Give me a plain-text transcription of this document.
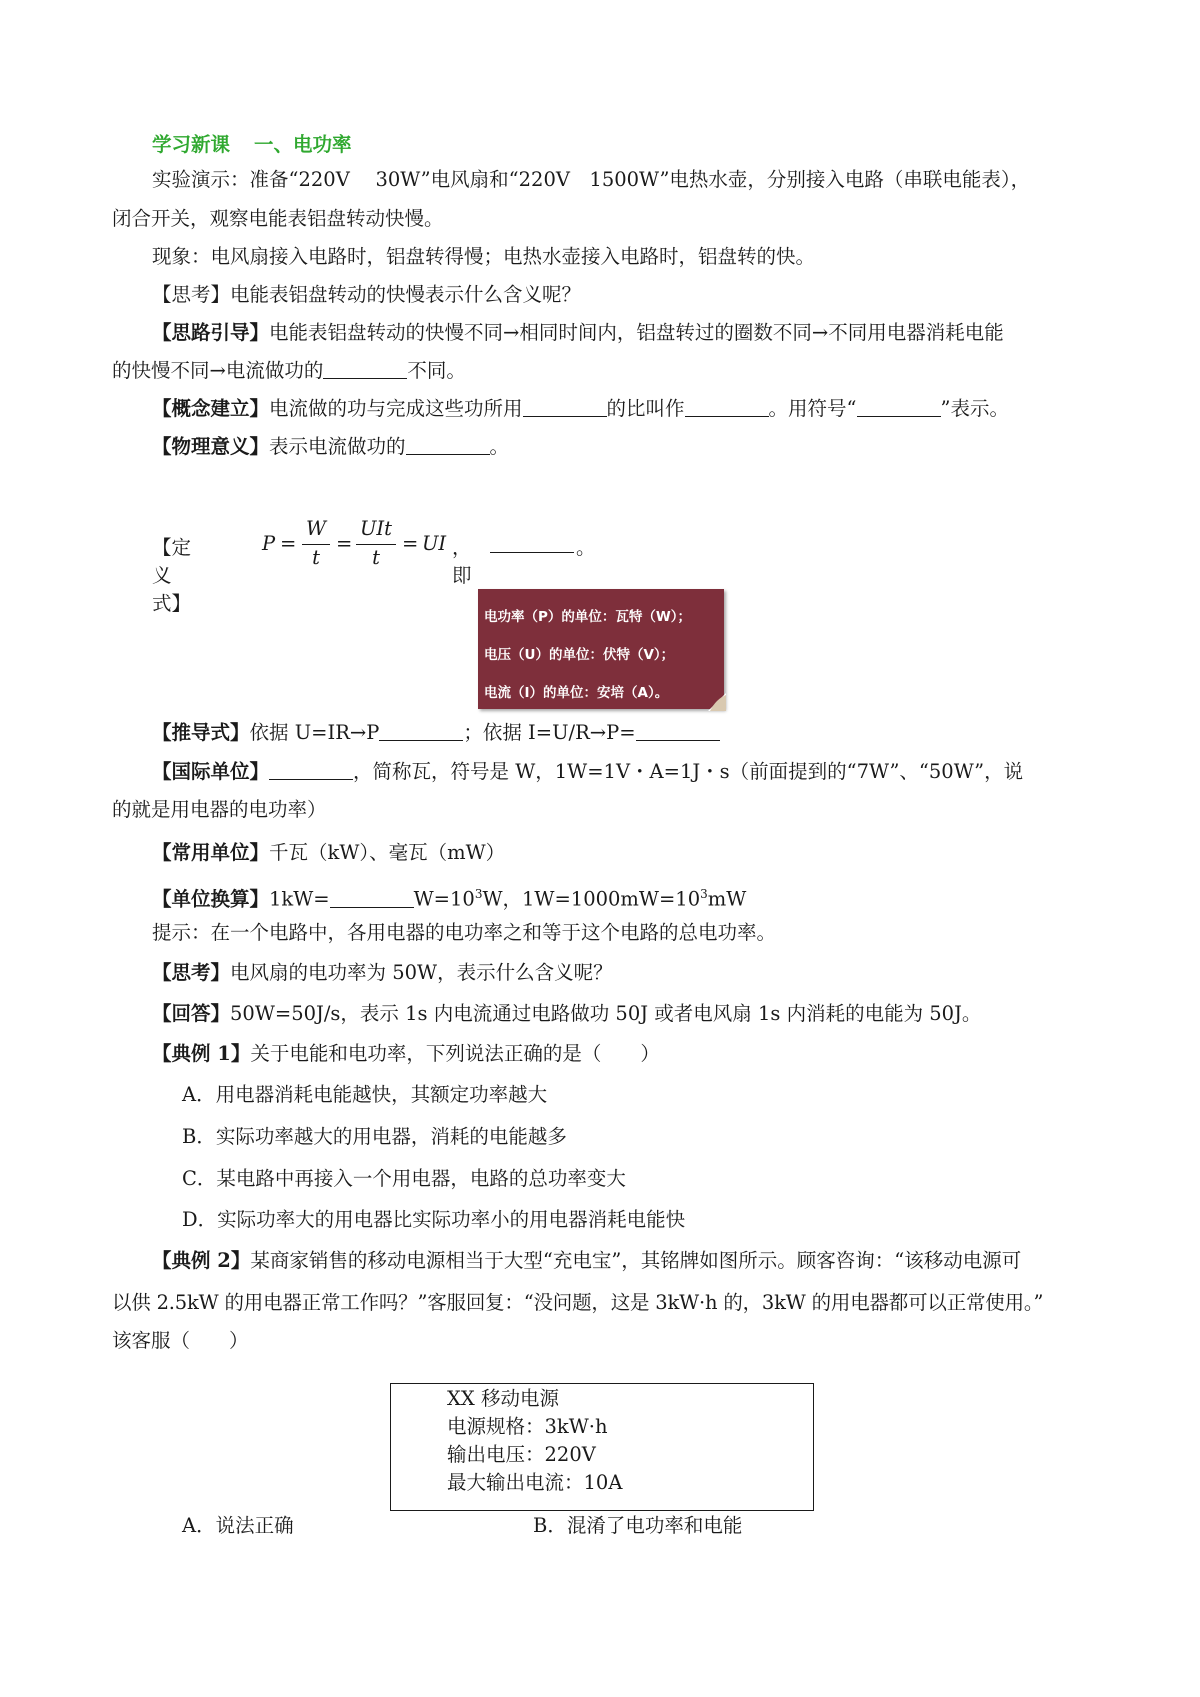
学习新课 一、电功率
实验演示：准备“220V　 30W”电风扇和“220V　1500W”电热水壶，分别接入电路（串联电能表），
闭合开关，观察电能表铝盘转动快慢。
现象：电风扇接入电路时，铝盘转得慢；电热水壶接入电路时，铝盘转的快。
【思考】电能表铝盘转动的快慢表示什么含义呢？
【思路引导】电能表铝盘转动的快慢不同→相同时间内，铝盘转过的圈数不同→不同用电器消耗电能
的快慢不同→电流做功的	不同。
【概念建立】电流做的功与完成这些功所用	的比叫作	。用符号“	”表示。
【物理意义】表示电流做功的	。
【定义式】
P =
W
t
=
UIt
t
= UI ，即
。
电功率（P）的单位：瓦特（W）；
电压（U）的单位：伏特（V）；
电流（I）的单位：安培（A）。
【推导式】依据 U=IR→P	；依据 I=U/R→P=
【国际单位】	，简称瓦，符号是 W，1W=1V・A=1J・s（前面提到的“7W”、“50W”，说
的就是用电器的电功率）
【常用单位】千瓦（kW）、毫瓦（mW）
【单位换算】1kW=	$W=10^3W$，$1W=1000mW=10^3mW$
提示：在一个电路中，各用电器的电功率之和等于这个电路的总电功率。
【思考】电风扇的电功率为 50W，表示什么含义呢？
【回答】50W=50J/s，表示 1s 内电流通过电路做功 50J 或者电风扇 1s 内消耗的电能为 50J。
【典例 1】关于电能和电功率，下列说法正确的是（　　）
A．用电器消耗电能越快，其额定功率越大
B．实际功率越大的用电器，消耗的电能越多
C．某电路中再接入一个用电器，电路的总功率变大
D．实际功率大的用电器比实际功率小的用电器消耗电能快
【典例 2】某商家销售的移动电源相当于大型“充电宝”，其铭牌如图所示。顾客咨询：“该移动电源可
以供 2.5kW 的用电器正常工作吗？”客服回复：“没问题，这是 3kW·h 的，3kW 的用电器都可以正常使用。”
该客服（　　）
XX 移动电源
电源规格：3kW·h
输出电压：220V
最大输出电流：10A
A．说法正确	B．混淆了电功率和电能
